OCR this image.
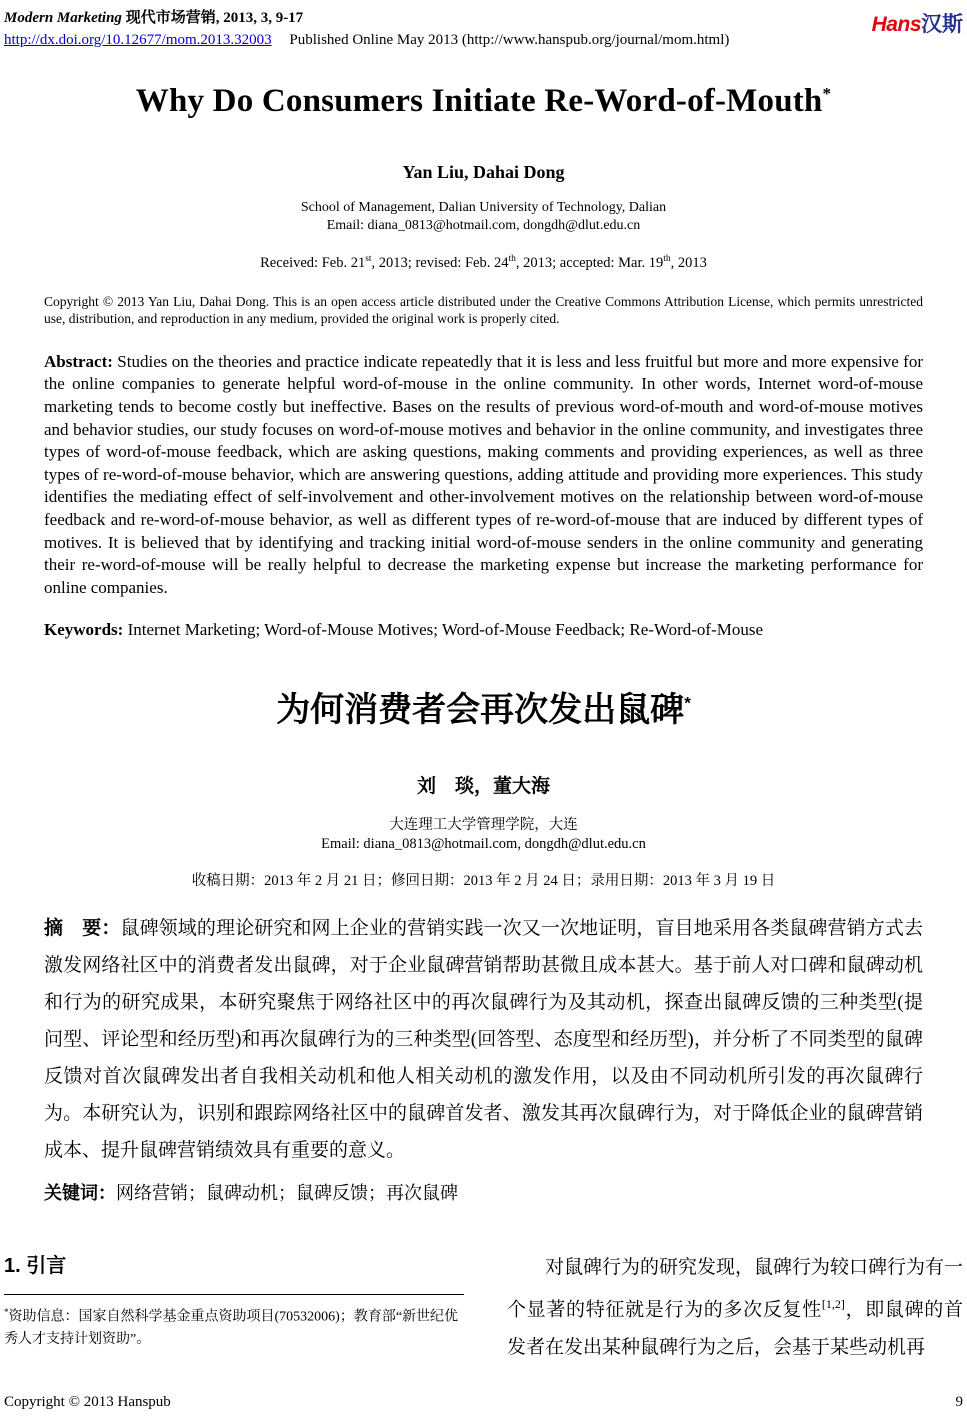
Modern Marketing 现代市场营销, 2013, 3, 9-17
http://dx.doi.org/10.12677/mom.2013.32003 Published Online May 2013 (http://www.hanspub.org/journal/mom.html)
Hans汉斯
Why Do Consumers Initiate Re-Word-of-Mouth*
Yan Liu, Dahai Dong
School of Management, Dalian University of Technology, Dalian
Email: diana_0813@hotmail.com, dongdh@dlut.edu.cn
Received: Feb. 21st, 2013; revised: Feb. 24th, 2013; accepted: Mar. 19th, 2013

Copyright © 2013 Yan Liu, Dahai Dong. This is an open access article distributed under the Creative Commons Attribution License, which permits unrestricted use, distribution, and reproduction in any medium, provided the original work is properly cited.

Abstract: Studies on the theories and practice indicate repeatedly that it is less and less fruitful but more and more expensive for the online companies to generate helpful word-of-mouse in the online community. In other words, Internet word-of-mouse marketing tends to become costly but ineffective. Bases on the results of previous word-of-mouth and word-of-mouse motives and behavior studies, our study focuses on word-of-mouse motives and behavior in the online community, and investigates three types of word-of-mouse feedback, which are asking questions, making comments and providing experiences, as well as three types of re-word-of-mouse behavior, which are answering questions, adding attitude and providing more experiences. This study identifies the mediating effect of self-involvement and other-involvement motives on the relationship between word-of-mouse feedback and re-word-of-mouse behavior, as well as different types of re-word-of-mouse that are induced by different types of motives. It is believed that by identifying and tracking initial word-of-mouse senders in the online community and generating their re-word-of-mouse will be really helpful to decrease the marketing expense but increase the marketing performance for online companies.

Keywords: Internet Marketing; Word-of-Mouse Motives; Word-of-Mouse Feedback; Re-Word-of-Mouse

为何消费者会再次发出鼠碑*
刘　琰，董大海
大连理工大学管理学院，大连
Email: diana_0813@hotmail.com, dongdh@dlut.edu.cn
收稿日期：2013 年 2 月 21 日；修回日期：2013 年 2 月 24 日；录用日期：2013 年 3 月 19 日

摘　要：鼠碑领域的理论研究和网上企业的营销实践一次又一次地证明，盲目地采用各类鼠碑营销方式去激发网络社区中的消费者发出鼠碑，对于企业鼠碑营销帮助甚微且成本甚大。基于前人对口碑和鼠碑动机和行为的研究成果，本研究聚焦于网络社区中的再次鼠碑行为及其动机，探查出鼠碑反馈的三种类型(提问型、评论型和经历型)和再次鼠碑行为的三种类型(回答型、态度型和经历型)，并分析了不同类型的鼠碑反馈对首次鼠碑发出者自我相关动机和他人相关动机的激发作用，以及由不同动机所引发的再次鼠碑行为。本研究认为，识别和跟踪网络社区中的鼠碑首发者、激发其再次鼠碑行为，对于降低企业的鼠碑营销成本、提升鼠碑营销绩效具有重要的意义。

关键词：网络营销；鼠碑动机；鼠碑反馈；再次鼠碑

1. 引言
*资助信息：国家自然科学基金重点资助项目(70532006)；教育部“新世纪优秀人才支持计划资助”。

对鼠碑行为的研究发现，鼠碑行为较口碑行为有一个显著的特征就是行为的多次反复性[1,2]，即鼠碑的首发者在发出某种鼠碑行为之后，会基于某些动机再

Copyright © 2013 Hanspub	9
